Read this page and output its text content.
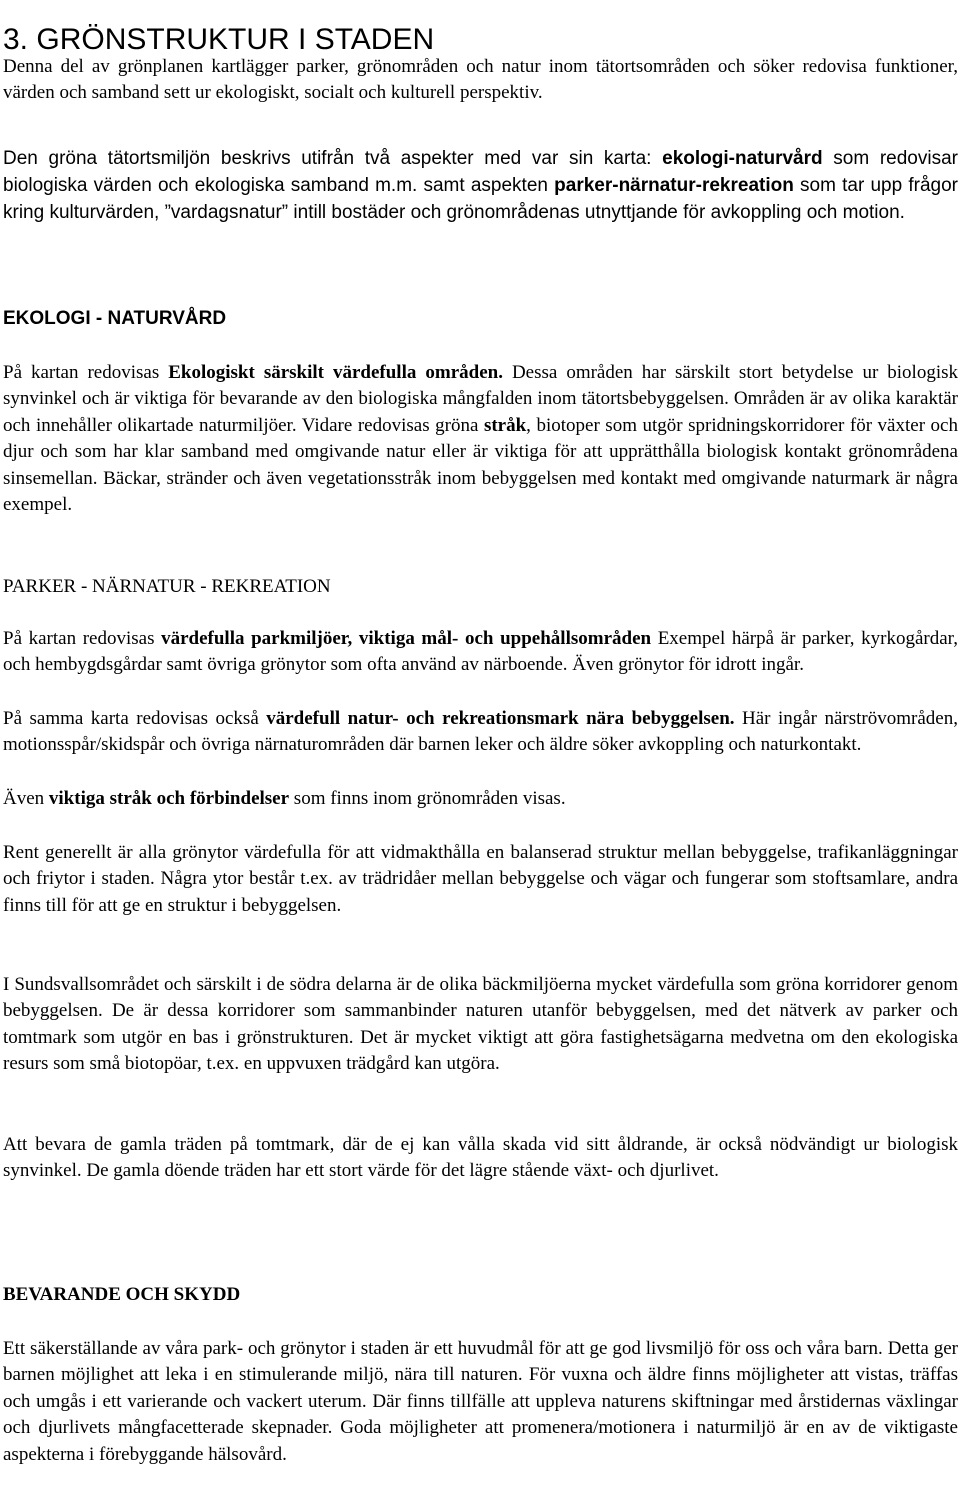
3. GRÖNSTRUKTUR I STADEN

Denna del av grönplanen kartlägger parker, grönområden och natur inom tätortsområden och söker redovisa funktioner, värden och samband sett ur ekologiskt, socialt och kulturell perspektiv.

Den gröna tätortsmiljön beskrivs utifrån två aspekter med var sin karta: ekologi-naturvård som redovisar biologiska värden och ekologiska samband m.m. samt aspekten parker-närnatur-rekreation som tar upp frågor kring kulturvärden, ”vardagsnatur” intill bostäder och grönområdenas utnyttjande för avkoppling och motion.

EKOLOGI - NATURVÅRD

På kartan redovisas Ekologiskt särskilt värdefulla områden. Dessa områden har särskilt stort betydelse ur biologisk synvinkel och är viktiga för bevarande av den biologiska mångfalden inom tätortsbebyggelsen. Områden är av olika karaktär och innehåller olikartade naturmiljöer. Vidare redovisas gröna stråk, biotoper som utgör spridningskorridorer för växter och djur och som har klar samband med omgivande natur eller är viktiga för att upprätthålla biologisk kontakt grönområdena sinsemellan. Bäckar, stränder och även vegetationsstråk inom bebyggelsen med kontakt med omgivande naturmark är några exempel.

PARKER - NÄRNATUR - REKREATION

På kartan redovisas värdefulla parkmiljöer, viktiga mål- och uppehållsområden Exempel härpå är parker, kyrkogårdar, och hembygdsgårdar samt övriga grönytor som ofta använd av närboende. Även grönytor för idrott ingår.

På samma karta redovisas också värdefull natur- och rekreationsmark nära bebyggelsen. Här ingår närströvområden, motionsspår/skidspår och övriga närnaturområden där barnen leker och äldre söker avkoppling och naturkontakt.

Även viktiga stråk och förbindelser som finns inom grönområden visas.

Rent generellt är alla grönytor värdefulla för att vidmakthålla en balanserad struktur mellan bebyggelse, trafikanläggningar och friytor i staden. Några ytor består t.ex. av trädridåer mellan bebyggelse och vägar och fungerar som stoftsamlare, andra finns till för att ge en struktur i bebyggelsen.

I Sundsvallsområdet och särskilt i de södra delarna är de olika bäckmiljöerna mycket värdefulla som gröna korridorer genom bebyggelsen. De är dessa korridorer som sammanbinder naturen utanför bebyggelsen, med det nätverk av parker och tomtmark som utgör en bas i grönstrukturen. Det är mycket viktigt att göra fastighetsägarna medvetna om den ekologiska resurs som små biotopöar, t.ex. en uppvuxen trädgård kan utgöra.

Att bevara de gamla träden på tomtmark, där de ej kan vålla skada vid sitt åldrande, är också nödvändigt ur biologisk synvinkel. De gamla döende träden har ett stort värde för det lägre stående växt- och djurlivet.

BEVARANDE OCH SKYDD

Ett säkerställande av våra park- och grönytor i staden är ett huvudmål för att ge god livsmiljö för oss och våra barn. Detta ger barnen möjlighet att leka i en stimulerande miljö, nära till naturen. För vuxna och äldre finns möjligheter att vistas, träffas och umgås i ett varierande och vackert uterum. Där finns tillfälle att uppleva naturens skiftningar med årstidernas växlingar och djurlivets mångfacetterade skepnader. Goda möjligheter att promenera/motionera i naturmiljö är en av de viktigaste aspekterna i förebyggande hälsovård.
